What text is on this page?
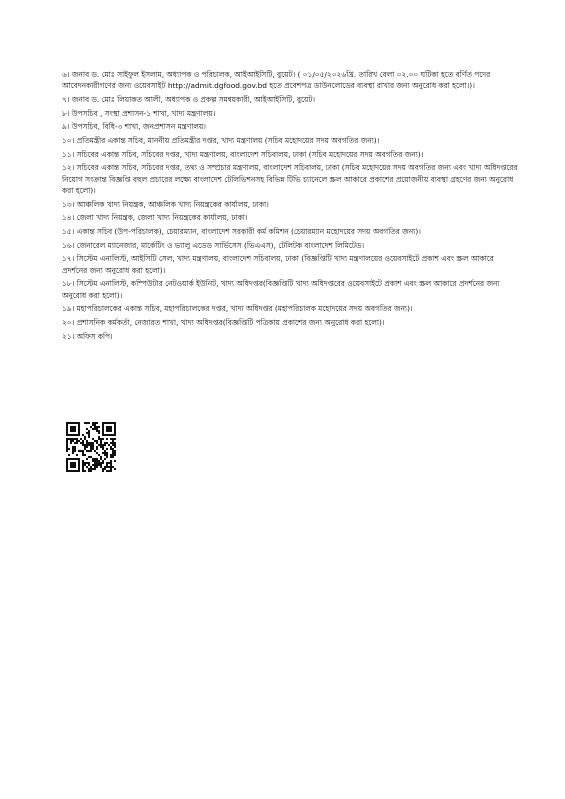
৬। জনাব ড. মোঃ সাইফুল ইসলাম, অধ্যাপক ও পরিচালক, আইআইসিটি, বুয়েট। ( ০১/০৫/২০২৬খ্রি. তারিখ বেলা ০২.০০ ঘটিকা হতে বর্ণিত পদের আবেদনকারীগণের জন্য ওয়েবসাইট http://admit.dgfood.gov.bd হতে প্রবেশপত্র ডাউনলোডের ব্যবস্থা রাখার জন্য অনুরোধ করা হলো।)।

৭। জনাব ড. মোঃ লিয়াকত আলী, অধ্যাপক ও প্রকল্প সমন্বয়কারী, আইআইসিটি, বুয়েট।

৮। উপসচিব , সংস্থা প্রশাসন-১ শাখা, খাদ্য মন্ত্রণালয়।

৯। উপসচিব, বিধি-৩ শাখা, জনপ্রশাসন মন্ত্রণালয়।

১০। প্রতিমন্ত্রীর একান্ত সচিব, মাননীয় প্রতিমন্ত্রীর দপ্তর, খাদ্য মন্ত্রণালয় (সচিব মহোদয়ের সদয় অবগতির জন্য)।

১১। সচিবের একান্ত সচিব, সচিবের দপ্তর, খাদ্য মন্ত্রণালয়, বাংলাদেশ সচিবালয়, ঢাকা (সচিব মহোদয়ের সদয় অবগতির জন্য)।

১২। সচিবের একান্ত সচিব, সচিবের দপ্তর, তথ্য ও সম্প্রচার মন্ত্রণালয়, বাংলাদেশ সচিবালয়, ঢাকা (সচিব মহোদয়ের সদয় অবগতির জন্য এবং খাদ্য অধিদপ্তরের নিয়োগ সংক্রান্ত বিজ্ঞপ্তি বহুল প্রচারের লক্ষ্যে বাংলাদেশ টেলিভিশনসহ বিভিন্ন টিভি চ্যানেলে স্ক্রল আকারে প্রকাশের প্রয়োজনীয় ব্যবস্থা গ্রহণের জন্য অনুরোধ করা হলো)।

১৩। আঞ্চলিক খাদ্য নিয়ন্ত্রক, আঞ্চলিক খাদ্য নিয়ন্ত্রকের কার্যালয়, ঢাকা।

১৪। জেলা খাদ্য নিয়ন্ত্রক, জেলা খাদ্য নিয়ন্ত্রকের কার্যালয়, ঢাকা।

১৫। একান্ত সচিব (উপ-পরিচালক), চেয়ারম্যান, বাংলাদেশ সরকারী কর্ম কমিশন (চেয়ারম্যান মহোদয়ের সদয় অবগতির জন্য)।

১৬। জেনারেল ম্যানেজার, মার্কেটিং ও ভ্যালু এডেড সার্ভিসেস (ভিএএস), টেলিটক বাংলাদেশ লিমিটেড।

১৭। সিস্টেম এনালিস্ট, আইসিটি সেল, খাদ্য মন্ত্রণালয়, বাংলাদেশ সচিবালয়, ঢাকা (বিজ্ঞপ্তিটি খাদ্য মন্ত্রণালয়ের ওয়েবসাইটে প্রকাশ এবং স্ক্রল আকারে প্রদর্শনের জন্য অনুরোধ করা হলো)।

১৮। সিস্টেম এনালিস্ট, কম্পিউটার নেটওয়ার্ক ইউনিট, খাদ্য অধিদপ্তর(বিজ্ঞপ্তিটি খাদ্য অধিদপ্তরের ওয়েবসাইটে প্রকাশ এবং স্ক্রল আকারে প্রদর্শনের জন্য অনুরোধ করা হলো)।

১৯। মহাপরিচালকের একান্ত সচিব, মহাপরিচালকের দপ্তর, খাদ্য অধিদপ্তর (মহাপরিচালক মহোদয়ের সদয় অবগতির জন্য)।

২০। প্রশাসনিক কর্মকর্তা, নেজারত শাখা, খাদ্য অধিদপ্তর(বিজ্ঞপ্তিটি পত্রিকায় প্রকাশের জন্য অনুরোধ করা হলো)।

২১। অফিস কপি।
